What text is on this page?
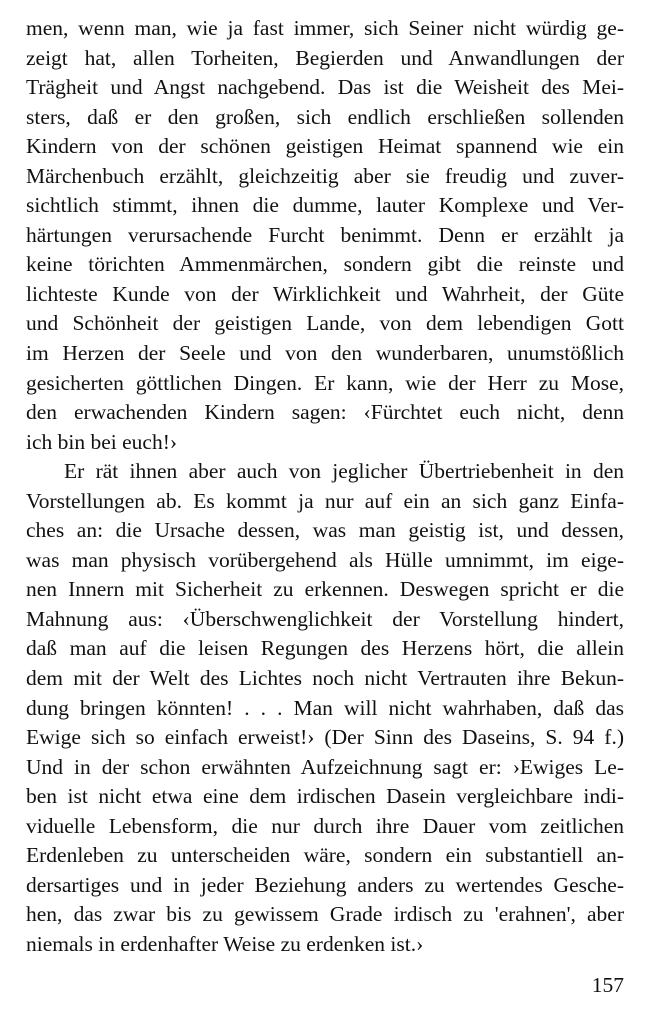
men, wenn man, wie ja fast immer, sich Seiner nicht würdig ge-
zeigt hat, allen Torheiten, Begierden und Anwandlungen der
Trägheit und Angst nachgebend. Das ist die Weisheit des Mei-
sters, daß er den großen, sich endlich erschließen sollenden
Kindern von der schönen geistigen Heimat spannend wie ein
Märchenbuch erzählt, gleichzeitig aber sie freudig und zuver-
sichtlich stimmt, ihnen die dumme, lauter Komplexe und Ver-
härtungen verursachende Furcht benimmt. Denn er erzählt ja
keine törichten Ammenmärchen, sondern gibt die reinste und
lichteste Kunde von der Wirklichkeit und Wahrheit, der Güte
und Schönheit der geistigen Lande, von dem lebendigen Gott
im Herzen der Seele und von den wunderbaren, unumstößlich
gesicherten göttlichen Dingen. Er kann, wie der Herr zu Mose,
den erwachenden Kindern sagen: ‹Fürchtet euch nicht, denn
ich bin bei euch!›
Er rät ihnen aber auch von jeglicher Übertriebenheit in den
Vorstellungen ab. Es kommt ja nur auf ein an sich ganz Einfa-
ches an: die Ursache dessen, was man geistig ist, und dessen,
was man physisch vorübergehend als Hülle umnimmt, im eige-
nen Innern mit Sicherheit zu erkennen. Deswegen spricht er die
Mahnung aus: ‹Überschwenglichkeit der Vorstellung hindert,
daß man auf die leisen Regungen des Herzens hört, die allein
dem mit der Welt des Lichtes noch nicht Vertrauten ihre Bekun-
dung bringen könnten! . . . Man will nicht wahrhaben, daß das
Ewige sich so einfach erweist!› (Der Sinn des Daseins, S. 94 f.)
Und in der schon erwähnten Aufzeichnung sagt er: ›Ewiges Le-
ben ist nicht etwa eine dem irdischen Dasein vergleichbare indi-
viduelle Lebensform, die nur durch ihre Dauer vom zeitlichen
Erdenleben zu unterscheiden wäre, sondern ein substantiell an-
dersartiges und in jeder Beziehung anders zu wertendes Gesche-
hen, das zwar bis zu gewissem Grade irdisch zu 'erahnen', aber
niemals in erdenhafter Weise zu erdenken ist.›
157
